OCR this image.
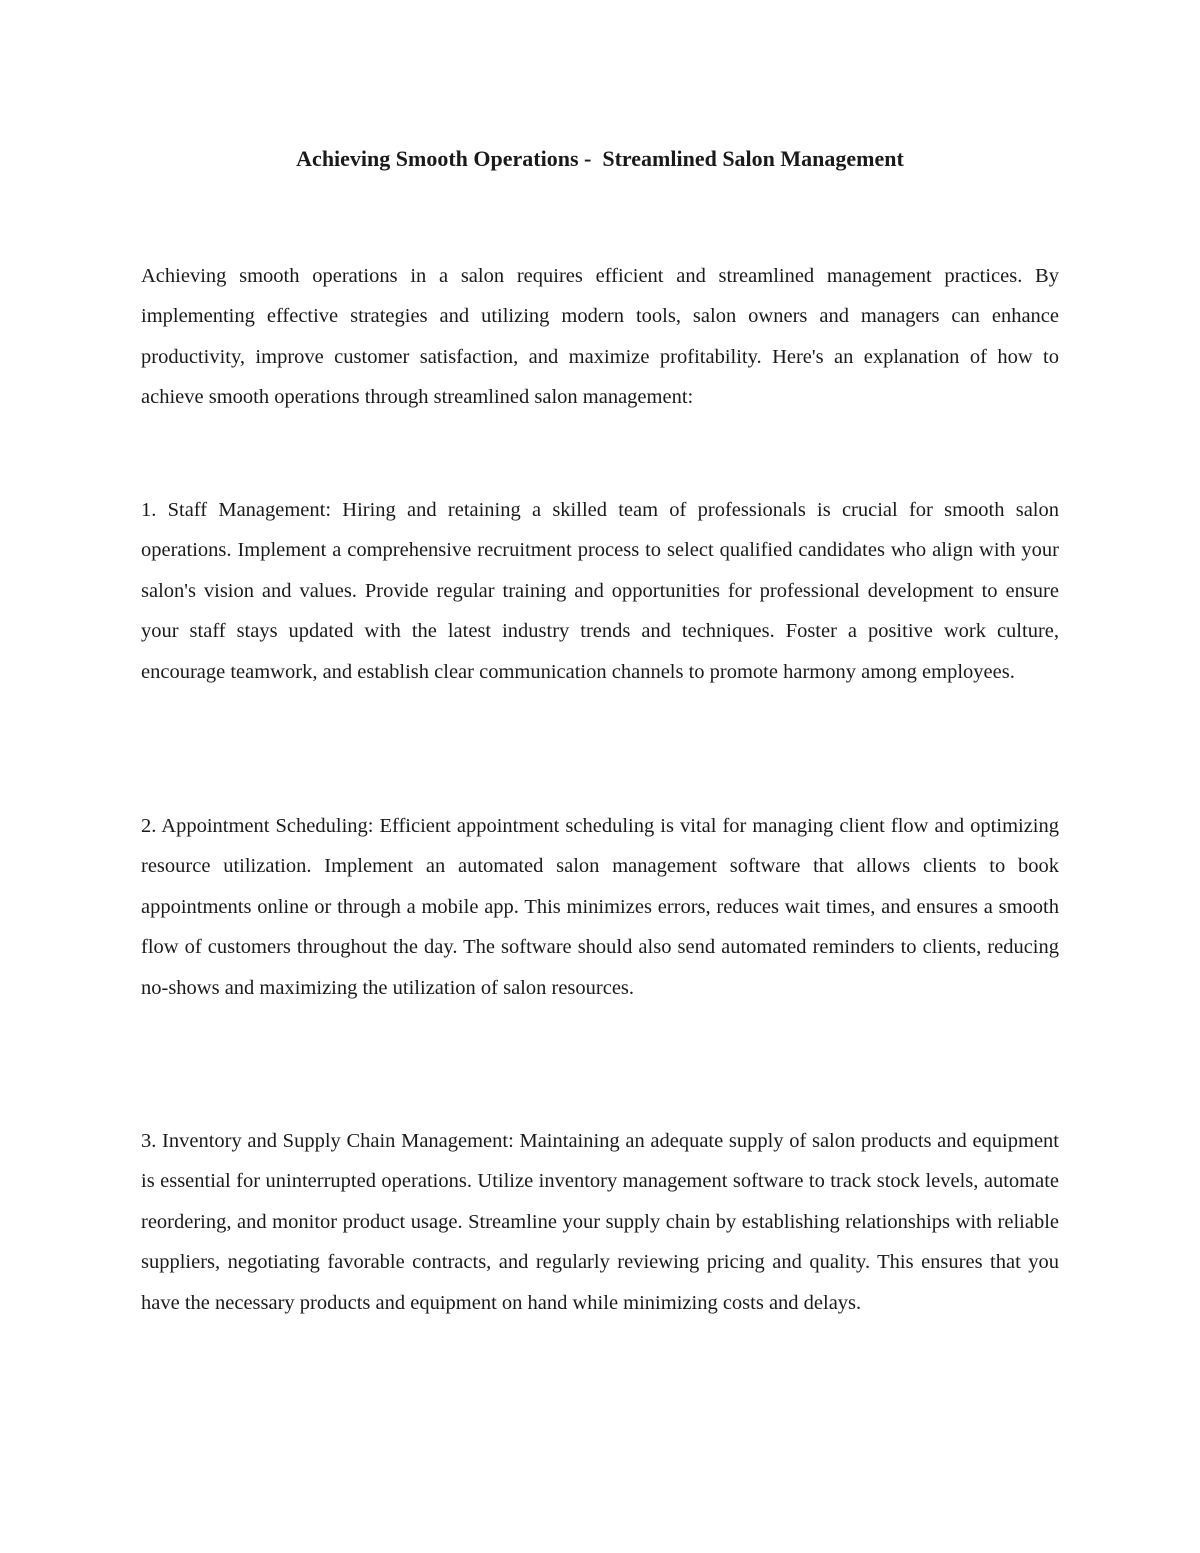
Achieving Smooth Operations -  Streamlined Salon Management

Achieving smooth operations in a salon requires efficient and streamlined management practices. By implementing effective strategies and utilizing modern tools, salon owners and managers can enhance productivity, improve customer satisfaction, and maximize profitability. Here's an explanation of how to achieve smooth operations through streamlined salon management:

1. Staff Management: Hiring and retaining a skilled team of professionals is crucial for smooth salon operations. Implement a comprehensive recruitment process to select qualified candidates who align with your salon's vision and values. Provide regular training and opportunities for professional development to ensure your staff stays updated with the latest industry trends and techniques. Foster a positive work culture, encourage teamwork, and establish clear communication channels to promote harmony among employees.

2. Appointment Scheduling: Efficient appointment scheduling is vital for managing client flow and optimizing resource utilization. Implement an automated salon management software that allows clients to book appointments online or through a mobile app. This minimizes errors, reduces wait times, and ensures a smooth flow of customers throughout the day. The software should also send automated reminders to clients, reducing no-shows and maximizing the utilization of salon resources.

3. Inventory and Supply Chain Management: Maintaining an adequate supply of salon products and equipment is essential for uninterrupted operations. Utilize inventory management software to track stock levels, automate reordering, and monitor product usage. Streamline your supply chain by establishing relationships with reliable suppliers, negotiating favorable contracts, and regularly reviewing pricing and quality. This ensures that you have the necessary products and equipment on hand while minimizing costs and delays.
